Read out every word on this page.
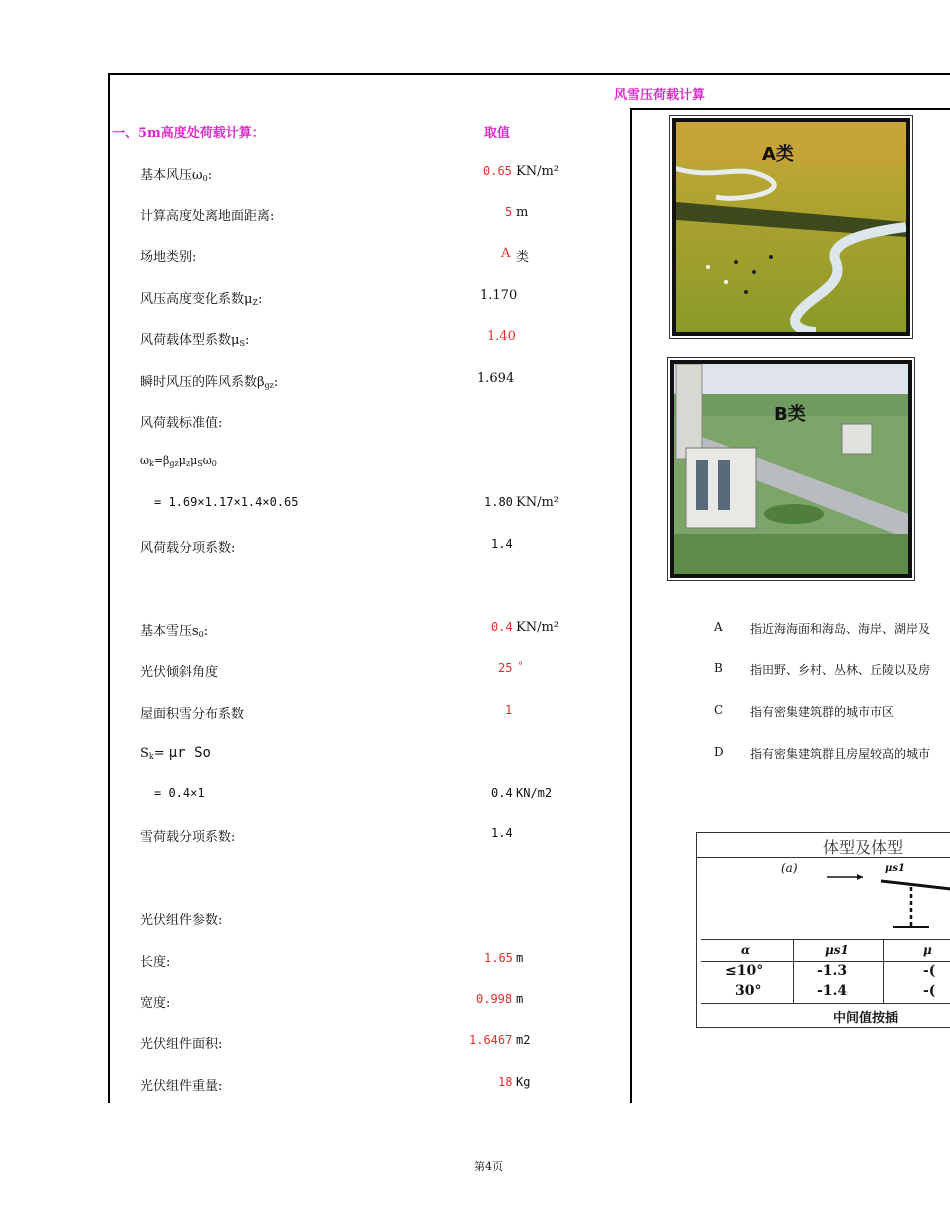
风雪压荷载计算
一、5m高度处荷载计算：	取值
基本风压$\omega_0$:	0.65 KN/m²
计算高度处离地面距离:	5 m
场地类别:	A 类
风压高度变化系数$\mu_Z$:	1.170
风荷载体型系数$\mu_S$:	1.40
瞬时风压的阵风系数$\beta_{gz}$:	1.694
风荷载标准值:
$\omega_k=\beta_{gz}\mu_z\mu_S\omega_0$
= 1.69×1.17×1.4×0.65	1.80 KN/m²
风荷载分项系数:	1.4
基本雪压$s_0$:	0.4 KN/m²
光伏倾斜角度	25 °
屋面积雪分布系数	1
$S_k= \mu r$ So
= 0.4×1	0.4 KN/m2
雪荷载分项系数:	1.4
光伏组件参数:
长度:	1.65 m
宽度:	0.998 m
光伏组件面积:	1.6467 m2
光伏组件重量:	18 Kg
A类
B类
A 指近海海面和海岛、海岸、湖岸及
B 指田野、乡村、丛林、丘陵以及房
C 指有密集建筑群的城市市区
D 指有密集建筑群且房屋较高的城市
体型及体型
(a)	μs1
α	μs1	μ
≤10°	-1.3	-(
30°	-1.4	-(
中间值按插
第4页
